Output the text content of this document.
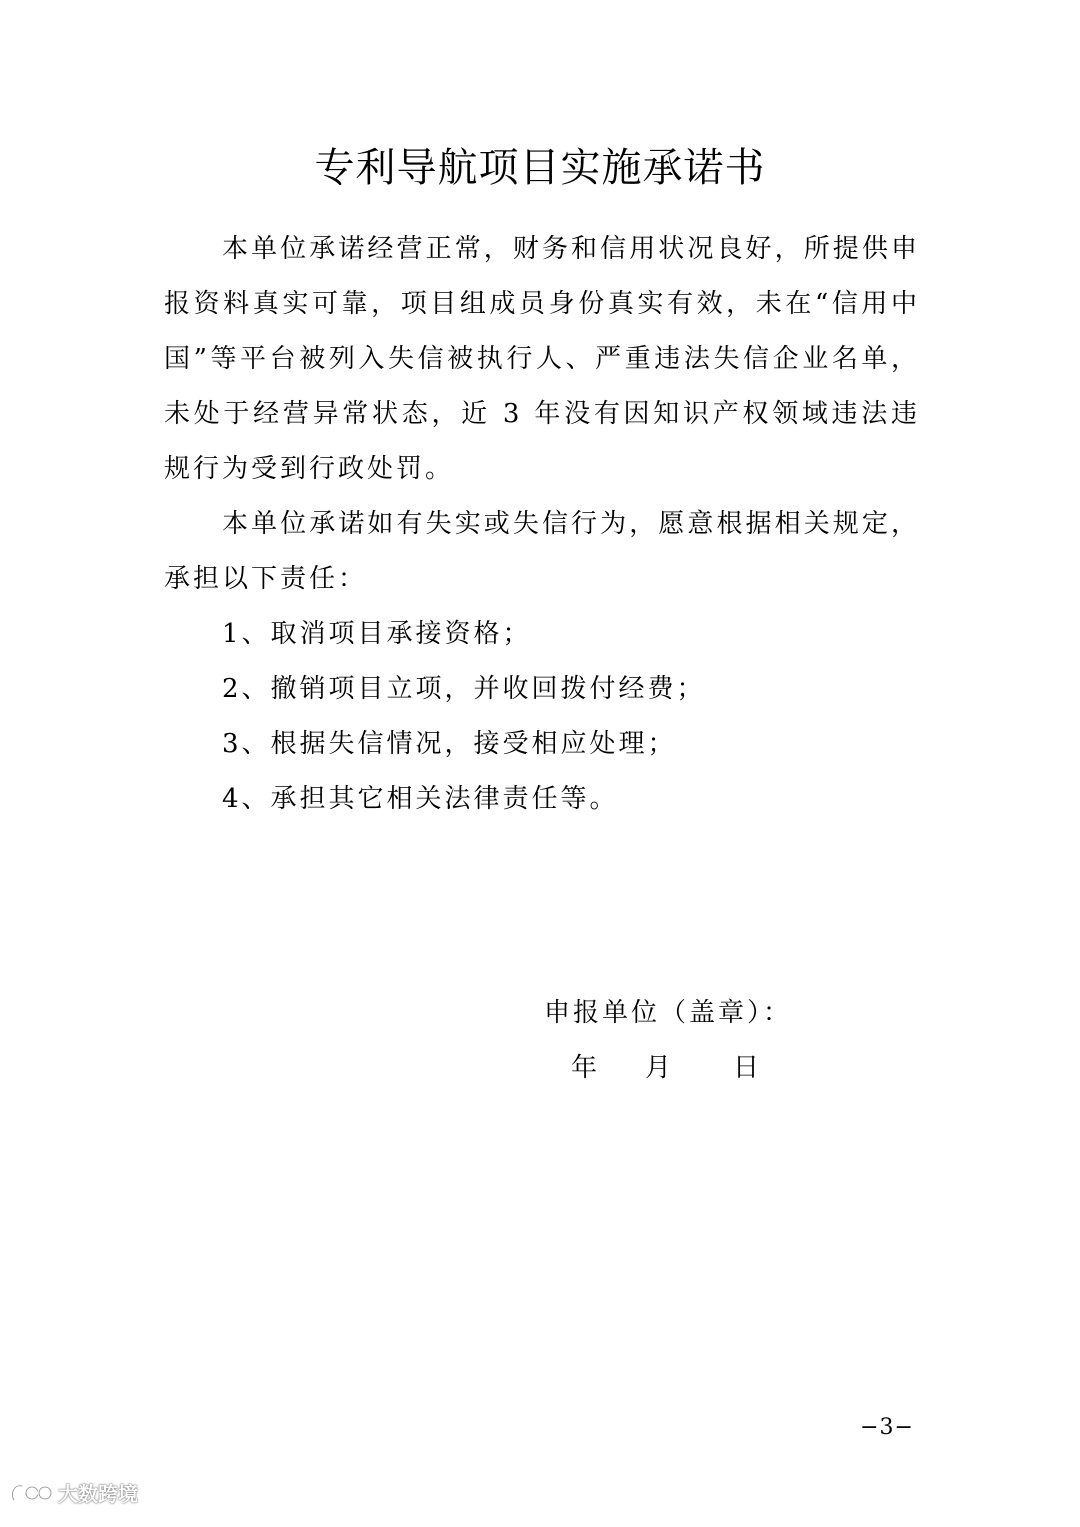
专利导航项目实施承诺书

本单位承诺经营正常，财务和信用状况良好，所提供申报资料真实可靠，项目组成员身份真实有效，未在“信用中国”等平台被列入失信被执行人、严重违法失信企业名单，未处于经营异常状态，近 3 年没有因知识产权领域违法违规行为受到行政处罚。

本单位承诺如有失实或失信行为，愿意根据相关规定，承担以下责任：

1、取消项目承接资格；

2、撤销项目立项，并收回拨付经费；

3、根据失信情况，接受相应处理；

4、承担其它相关法律责任等。

申报单位（盖章）：
年 月 日
−3−
大数跨境
